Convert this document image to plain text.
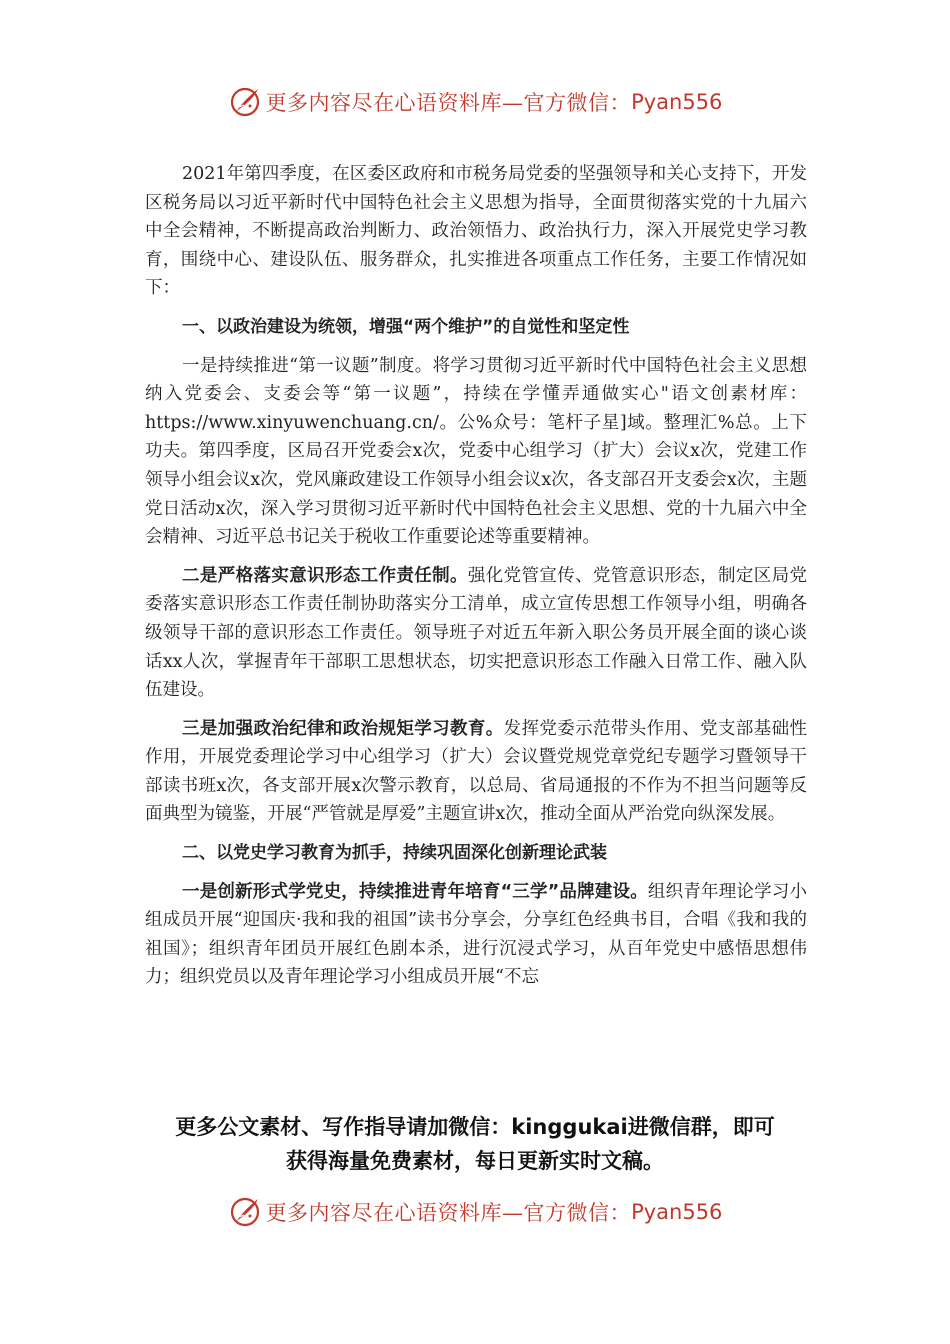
更多内容尽在心语资料库—官方微信： Pyan556

2021年第四季度，在区委区政府和市税务局党委的坚强领导和关心支持下，开发区税务局以习近平新时代中国特色社会主义思想为指导，全面贯彻落实党的十九届六中全会精神，不断提高政治判断力、政治领悟力、政治执行力，深入开展党史学习教育，围绕中心、建设队伍、服务群众，扎实推进各项重点工作任务，主要工作情况如下：

一、以政治建设为统领，增强“两个维护”的自觉性和坚定性

一是持续推进“第一议题”制度。将学习贯彻习近平新时代中国特色社会主义思想纳入党委会、支委会等“第一议题”，持续在学懂弄通做实心"语文创素材库：https://www.xinyuwenchuang.cn/。公%众号：笔杆子星]域。整理汇%总。上下功夫。第四季度，区局召开党委会x次，党委中心组学习（扩大）会议x次，党建工作领导小组会议x次，党风廉政建设工作领导小组会议x次，各支部召开支委会x次，主题党日活动x次，深入学习贯彻习近平新时代中国特色社会主义思想、党的十九届六中全会精神、习近平总书记关于税收工作重要论述等重要精神。

二是严格落实意识形态工作责任制。强化党管宣传、党管意识形态，制定区局党委落实意识形态工作责任制协助落实分工清单，成立宣传思想工作领导小组，明确各级领导干部的意识形态工作责任。领导班子对近五年新入职公务员开展全面的谈心谈话xx人次，掌握青年干部职工思想状态，切实把意识形态工作融入日常工作、融入队伍建设。

三是加强政治纪律和政治规矩学习教育。发挥党委示范带头作用、党支部基础性作用，开展党委理论学习中心组学习（扩大）会议暨党规党章党纪专题学习暨领导干部读书班x次，各支部开展x次警示教育，以总局、省局通报的不作为不担当问题等反面典型为镜鉴，开展“严管就是厚爱”主题宣讲x次，推动全面从严治党向纵深发展。

二、以党史学习教育为抓手，持续巩固深化创新理论武装

一是创新形式学党史，持续推进青年培育“三学”品牌建设。组织青年理论学习小组成员开展“迎国庆·我和我的祖国”读书分享会，分享红色经典书目，合唱《我和我的祖国》；组织青年团员开展红色剧本杀，进行沉浸式学习，从百年党史中感悟思想伟力；组织党员以及青年理论学习小组成员开展“不忘

更多公文素材、写作指导请加微信：kinggukai进微信群，即可
获得海量免费素材，每日更新实时文稿。
更多内容尽在心语资料库—官方微信： Pyan556
